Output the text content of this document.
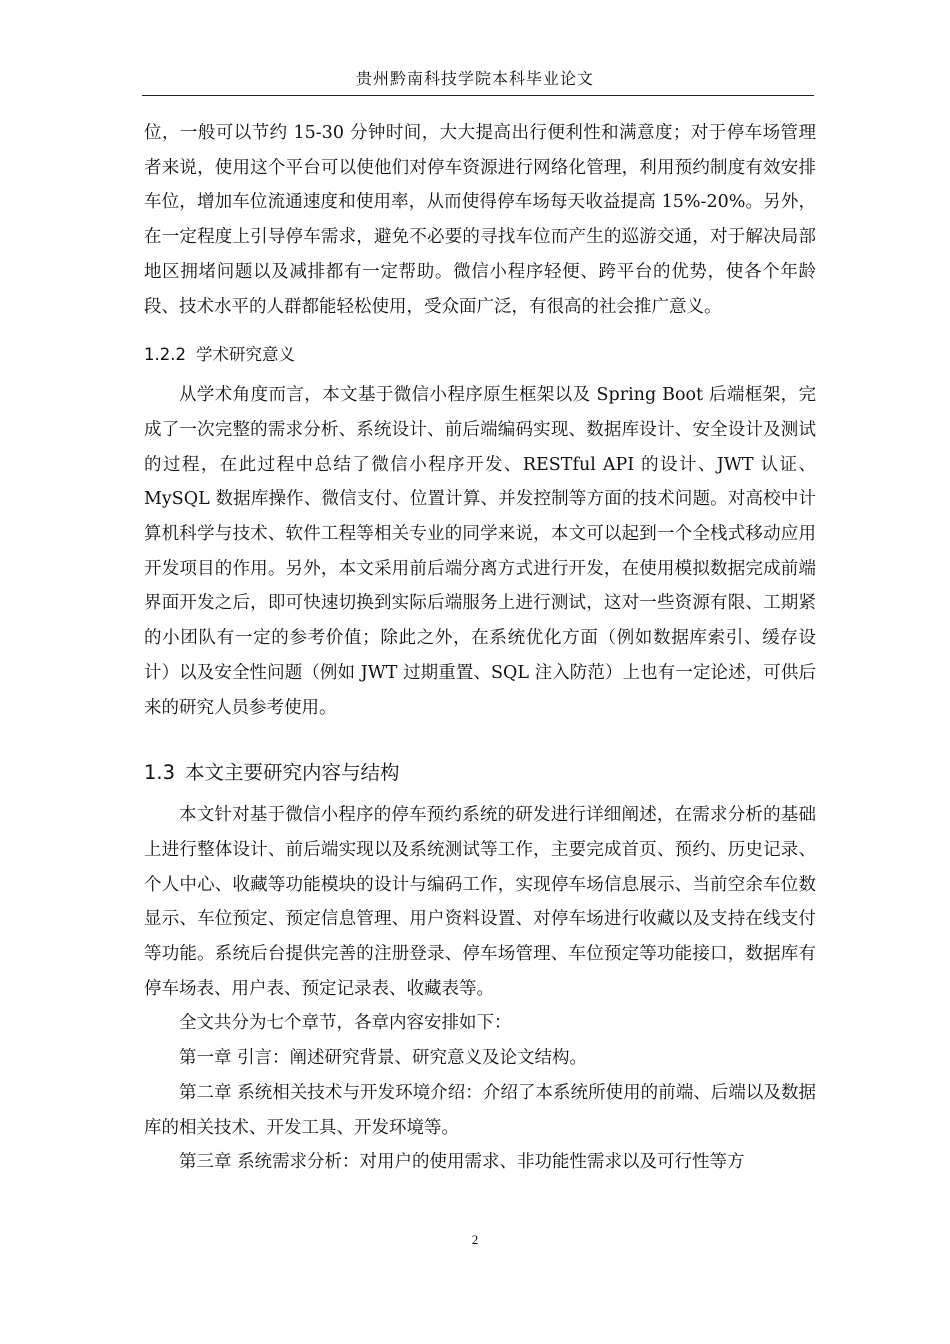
贵州黔南科技学院本科毕业论文

位，一般可以节约 15-30 分钟时间，大大提高出行便利性和满意度；对于停车场管理者来说，使用这个平台可以使他们对停车资源进行网络化管理，利用预约制度有效安排车位，增加车位流通速度和使用率，从而使得停车场每天收益提高 15%-20%。另外，在一定程度上引导停车需求，避免不必要的寻找车位而产生的巡游交通，对于解决局部地区拥堵问题以及减排都有一定帮助。微信小程序轻便、跨平台的优势，使各个年龄段、技术水平的人群都能轻松使用，受众面广泛，有很高的社会推广意义。

1.2.2 学术研究意义

从学术角度而言，本文基于微信小程序原生框架以及 Spring Boot 后端框架，完成了一次完整的需求分析、系统设计、前后端编码实现、数据库设计、安全设计及测试的过程，在此过程中总结了微信小程序开发、RESTful API 的设计、JWT 认证、MySQL 数据库操作、微信支付、位置计算、并发控制等方面的技术问题。对高校中计算机科学与技术、软件工程等相关专业的同学来说，本文可以起到一个全栈式移动应用开发项目的作用。另外，本文采用前后端分离方式进行开发，在使用模拟数据完成前端界面开发之后，即可快速切换到实际后端服务上进行测试，这对一些资源有限、工期紧的小团队有一定的参考价值；除此之外，在系统优化方面（例如数据库索引、缓存设计）以及安全性问题（例如 JWT 过期重置、SQL 注入防范）上也有一定论述，可供后来的研究人员参考使用。

1.3 本文主要研究内容与结构

本文针对基于微信小程序的停车预约系统的研发进行详细阐述，在需求分析的基础上进行整体设计、前后端实现以及系统测试等工作，主要完成首页、预约、历史记录、个人中心、收藏等功能模块的设计与编码工作，实现停车场信息展示、当前空余车位数显示、车位预定、预定信息管理、用户资料设置、对停车场进行收藏以及支持在线支付等功能。系统后台提供完善的注册登录、停车场管理、车位预定等功能接口，数据库有停车场表、用户表、预定记录表、收藏表等。

全文共分为七个章节，各章内容安排如下：

第一章 引言：阐述研究背景、研究意义及论文结构。

第二章 系统相关技术与开发环境介绍：介绍了本系统所使用的前端、后端以及数据库的相关技术、开发工具、开发环境等。

第三章 系统需求分析：对用户的使用需求、非功能性需求以及可行性等方

2
